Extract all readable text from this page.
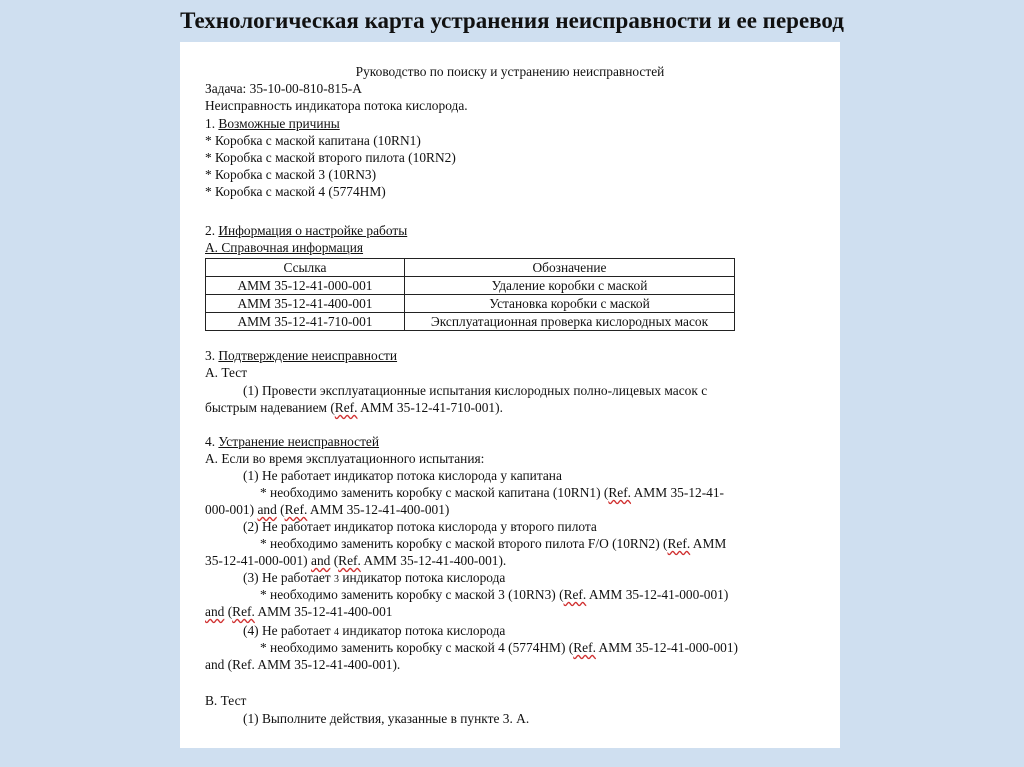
Технологическая карта устранения неисправности и ее перевод
Руководство по поиску и устранению неисправностей
Задача: 35-10-00-810-815-A
Неисправность индикатора потока кислорода.
1. Возможные причины
* Коробка с маской капитана (10RN1)
* Коробка с маской второго пилота (10RN2)
* Коробка с маской 3 (10RN3)
* Коробка с маской 4 (5774HM)
2. Информация о настройке работы
A. Справочная информация
Ссылка	Обозначение
AMM 35-12-41-000-001	Удаление коробки с маской
AMM 35-12-41-400-001	Установка коробки с маской
AMM 35-12-41-710-001	Эксплуатационная проверка кислородных масок
3. Подтверждение неисправности
A. Тест
(1) Провести эксплуатационные испытания кислородных полно-лицевых масок с
быстрым надеванием (Ref. AMM 35-12-41-710-001).
4. Устранение неисправностей
A. Если во время эксплуатационного испытания:
(1) Не работает индикатор потока кислорода у капитана
* необходимо заменить коробку с маской капитана (10RN1) (Ref. AMM 35-12-41-
000-001) and (Ref. AMM 35-12-41-400-001)
(2) Не работает индикатор потока кислорода у второго пилота
* необходимо заменить коробку с маской второго пилота F/O (10RN2) (Ref. AMM
35-12-41-000-001) and (Ref. AMM 35-12-41-400-001).
(3) Не работает 3 индикатор потока кислорода
* необходимо заменить коробку с маской 3 (10RN3) (Ref. AMM 35-12-41-000-001)
and (Ref. AMM 35-12-41-400-001
(4) Не работает 4 индикатор потока кислорода
* необходимо заменить коробку с маской 4 (5774HM) (Ref. AMM 35-12-41-000-001)
and (Ref. AMM 35-12-41-400-001).
B. Тест
(1) Выполните действия, указанные в пункте 3. A.
